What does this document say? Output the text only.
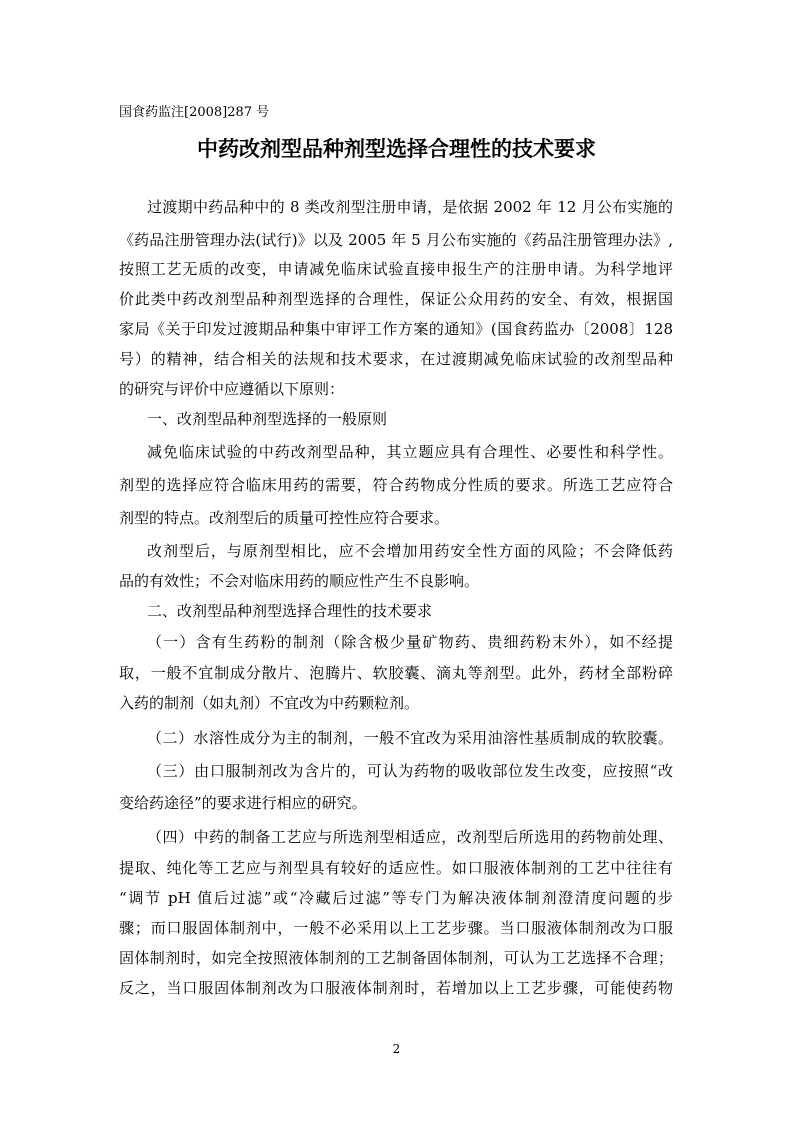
国食药监注[2008]287 号
中药改剂型品种剂型选择合理性的技术要求
过渡期中药品种中的 8 类改剂型注册申请，是依据 2002 年 12 月公布实施的
《药品注册管理办法(试行)》以及 2005 年 5 月公布实施的《药品注册管理办法》,
按照工艺无质的改变，申请减免临床试验直接申报生产的注册申请。为科学地评
价此类中药改剂型品种剂型选择的合理性，保证公众用药的安全、有效，根据国
家局《关于印发过渡期品种集中审评工作方案的通知》(国食药监办〔2008〕128
号）的精神，结合相关的法规和技术要求，在过渡期减免临床试验的改剂型品种
的研究与评价中应遵循以下原则：
一、改剂型品种剂型选择的一般原则
减免临床试验的中药改剂型品种，其立题应具有合理性、必要性和科学性。
剂型的选择应符合临床用药的需要，符合药物成分性质的要求。所选工艺应符合
剂型的特点。改剂型后的质量可控性应符合要求。
改剂型后，与原剂型相比，应不会增加用药安全性方面的风险；不会降低药
品的有效性；不会对临床用药的顺应性产生不良影响。
二、改剂型品种剂型选择合理性的技术要求
（一）含有生药粉的制剂（除含极少量矿物药、贵细药粉末外），如不经提
取，一般不宜制成分散片、泡腾片、软胶囊、滴丸等剂型。此外，药材全部粉碎
入药的制剂（如丸剂）不宜改为中药颗粒剂。
（二）水溶性成分为主的制剂，一般不宜改为采用油溶性基质制成的软胶囊。
（三）由口服制剂改为含片的，可认为药物的吸收部位发生改变，应按照“改
变给药途径”的要求进行相应的研究。
（四）中药的制备工艺应与所选剂型相适应，改剂型后所选用的药物前处理、
提取、纯化等工艺应与剂型具有较好的适应性。如口服液体制剂的工艺中往往有
“调节 pH 值后过滤”或“冷藏后过滤”等专门为解决液体制剂澄清度问题的步
骤；而口服固体制剂中，一般不必采用以上工艺步骤。当口服液体制剂改为口服
固体制剂时，如完全按照液体制剂的工艺制备固体制剂，可认为工艺选择不合理；
反之，当口服固体制剂改为口服液体制剂时，若增加以上工艺步骤，可能使药物
2
